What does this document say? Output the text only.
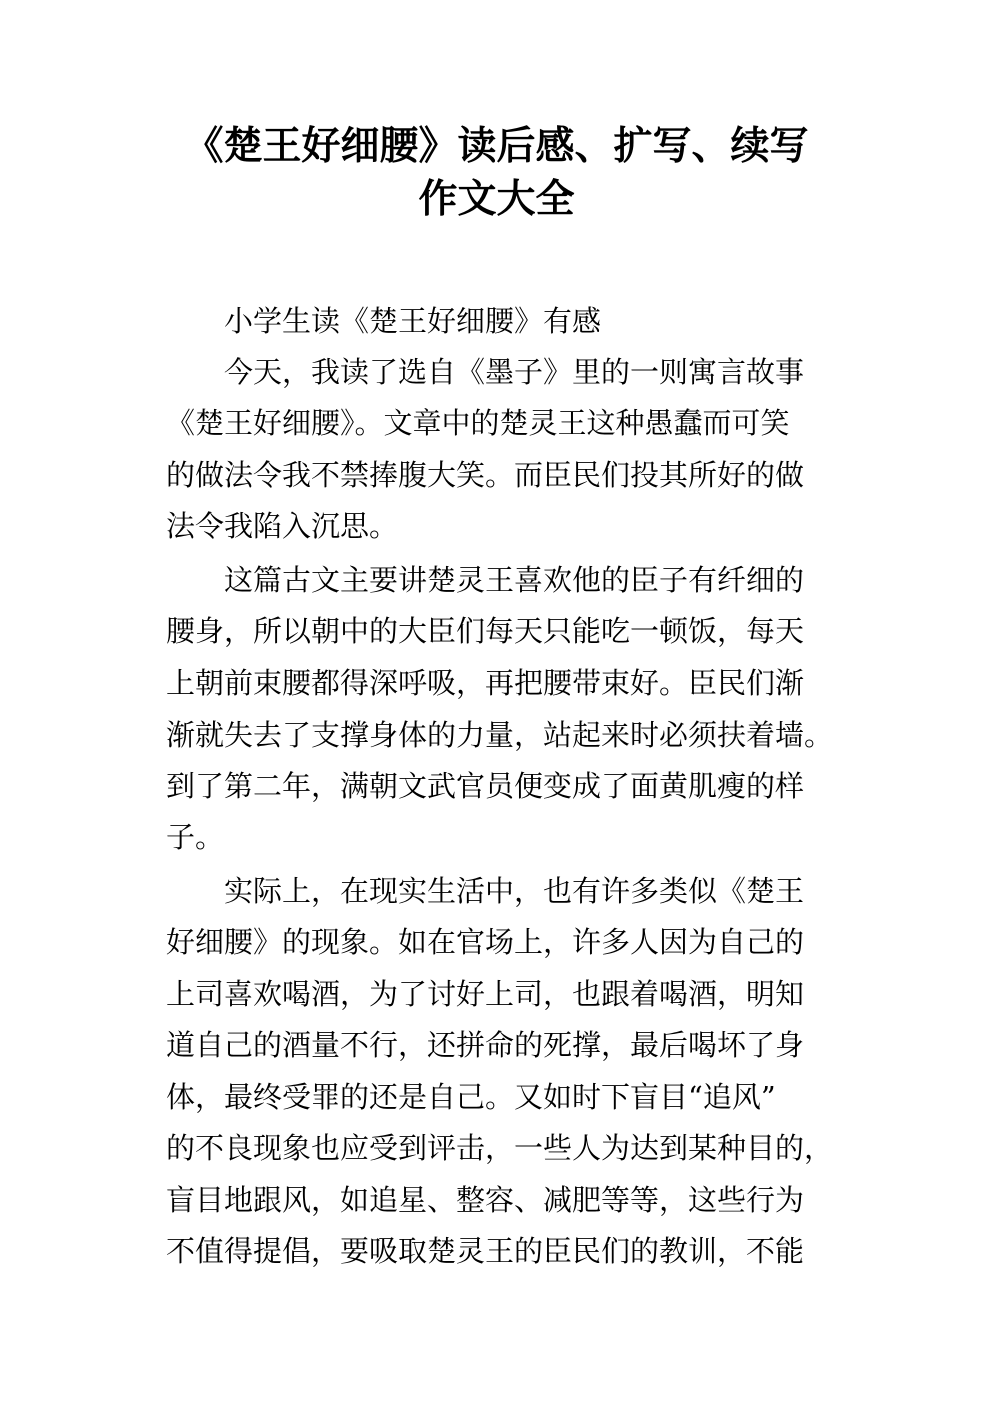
《楚王好细腰》读后感、扩写、续写
作文大全

小学生读《楚王好细腰》有感

今天，我读了选自《墨子》里的一则寓言故事

《楚王好细腰》。文章中的楚灵王这种愚蠢而可笑

的做法令我不禁捧腹大笑。而臣民们投其所好的做

法令我陷入沉思。

这篇古文主要讲楚灵王喜欢他的臣子有纤细的

腰身，所以朝中的大臣们每天只能吃一顿饭，每天

上朝前束腰都得深呼吸，再把腰带束好。臣民们渐

渐就失去了支撑身体的力量，站起来时必须扶着墙。

到了第二年，满朝文武官员便变成了面黄肌瘦的样

子。

实际上，在现实生活中，也有许多类似《楚王

好细腰》的现象。如在官场上，许多人因为自己的

上司喜欢喝酒，为了讨好上司，也跟着喝酒，明知

道自己的酒量不行，还拼命的死撑，最后喝坏了身

体，最终受罪的还是自己。又如时下盲目“追风”

的不良现象也应受到评击，一些人为达到某种目的，

盲目地跟风，如追星、整容、减肥等等，这些行为

不值得提倡，要吸取楚灵王的臣民们的教训，不能
